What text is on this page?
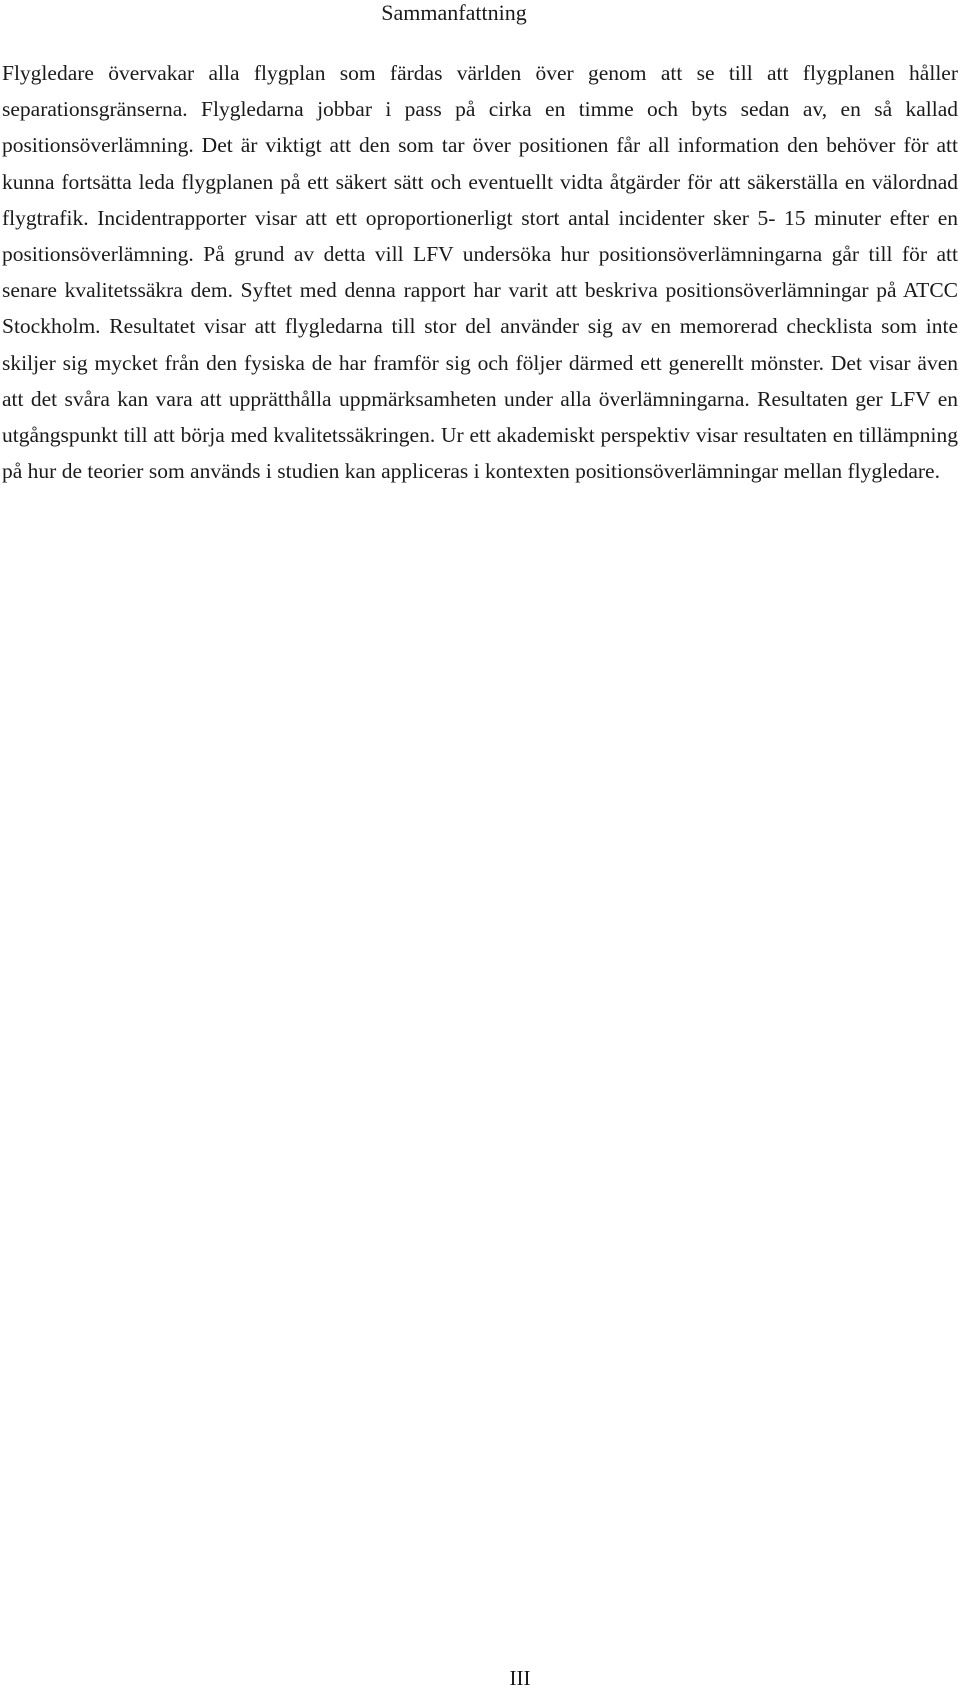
Sammanfattning

Flygledare övervakar alla flygplan som färdas världen över genom att se till att flygplanen håller separationsgränserna. Flygledarna jobbar i pass på cirka en timme och byts sedan av, en så kallad positionsöverlämning. Det är viktigt att den som tar över positionen får all information den behöver för att kunna fortsätta leda flygplanen på ett säkert sätt och eventuellt vidta åtgärder för att säkerställa en välordnad flygtrafik. Incidentrapporter visar att ett oproportionerligt stort antal incidenter sker 5- 15 minuter efter en positionsöverlämning. På grund av detta vill LFV undersöka hur positionsöverlämningarna går till för att senare kvalitetssäkra dem. Syftet med denna rapport har varit att beskriva positionsöverlämningar på ATCC Stockholm. Resultatet visar att flygledarna till stor del använder sig av en memorerad checklista som inte skiljer sig mycket från den fysiska de har framför sig och följer därmed ett generellt mönster. Det visar även att det svåra kan vara att upprätthålla uppmärksamheten under alla överlämningarna. Resultaten ger LFV en utgångspunkt till att börja med kvalitetssäkringen. Ur ett akademiskt perspektiv visar resultaten en tillämpning på hur de teorier som används i studien kan appliceras i kontexten positionsöverlämningar mellan flygledare.

III
